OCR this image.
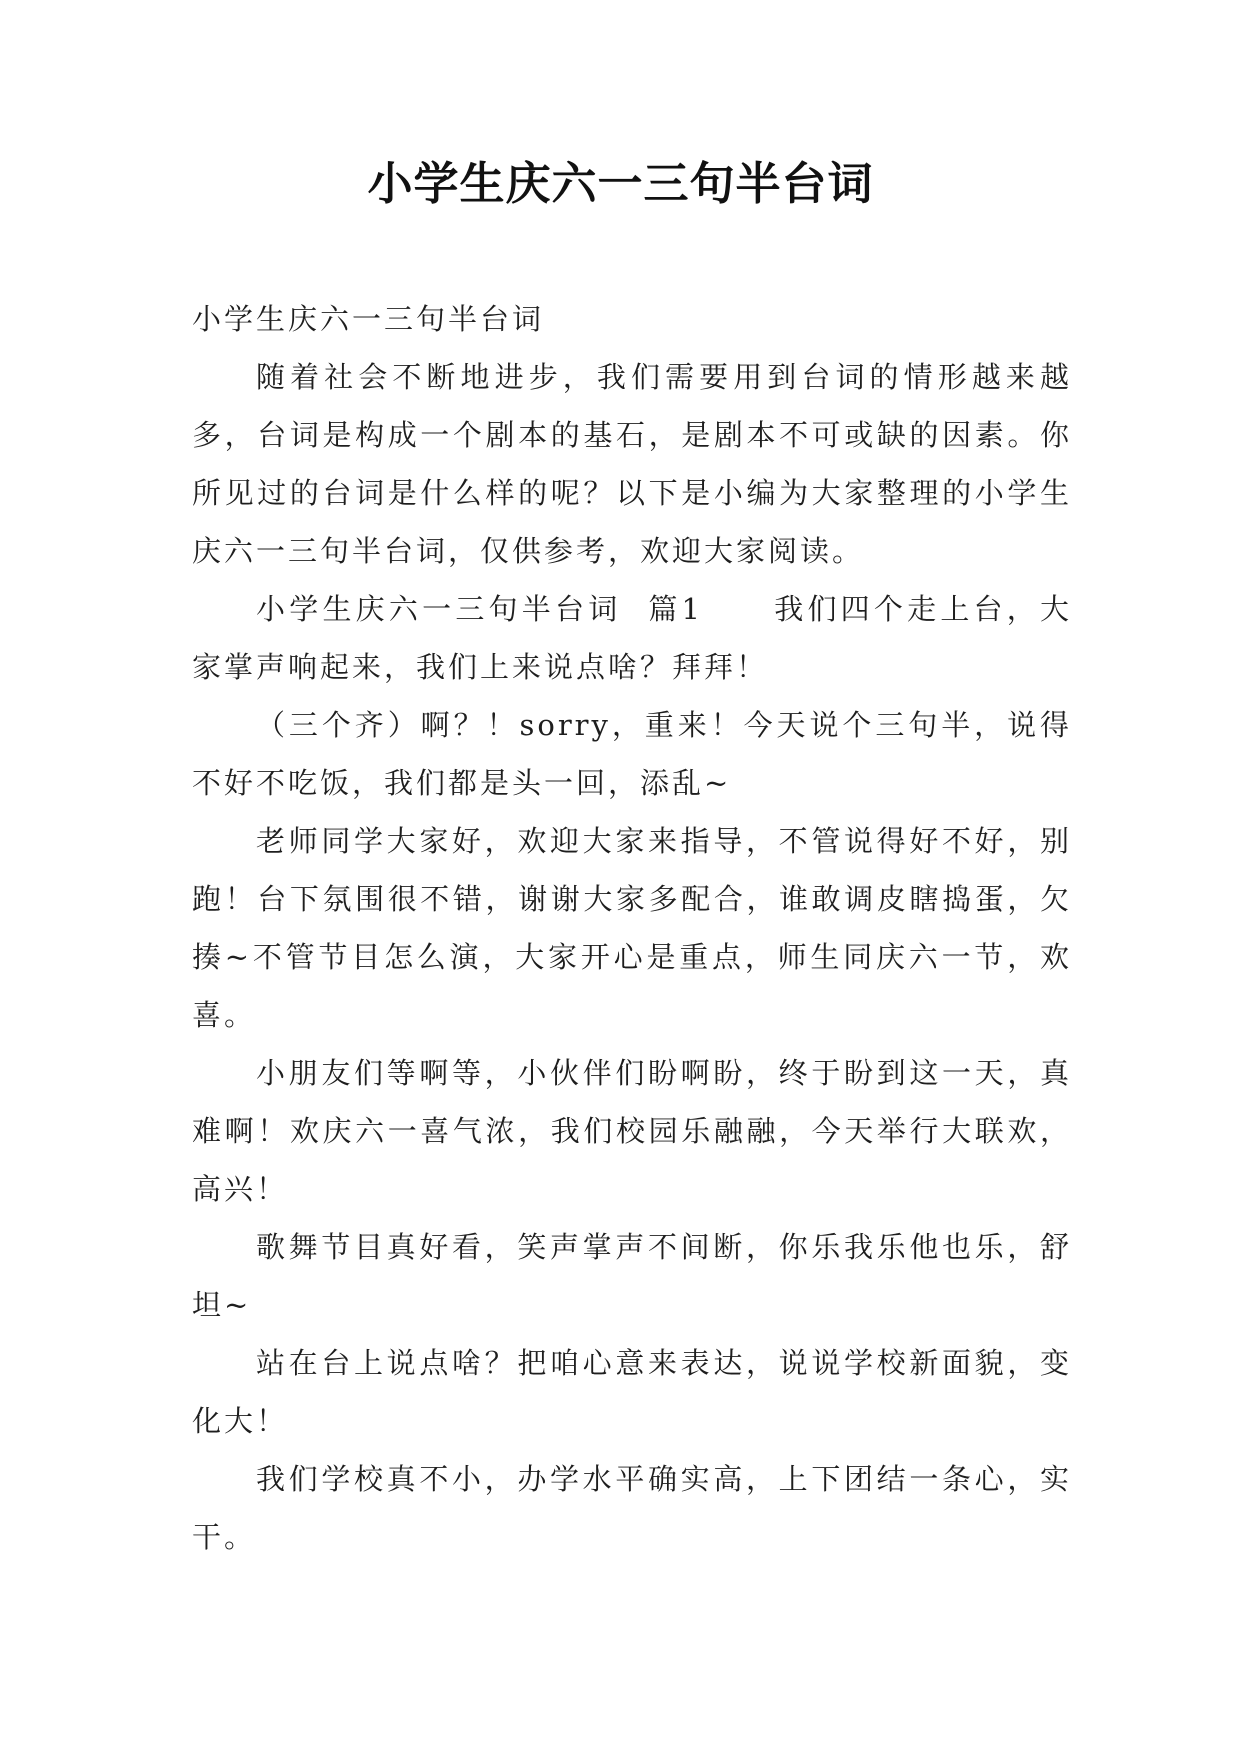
小学生庆六一三句半台词

小学生庆六一三句半台词

随着社会不断地进步，我们需要用到台词的情形越来越多，台词是构成一个剧本的基石，是剧本不可或缺的因素。你所见过的台词是什么样的呢？以下是小编为大家整理的小学生庆六一三句半台词，仅供参考，欢迎大家阅读。

小学生庆六一三句半台词  篇1 我们四个走上台，大家掌声响起来，我们上来说点啥？拜拜！

（三个齐）啊？！sorry，重来！今天说个三句半，说得不好不吃饭，我们都是头一回，添乱~

老师同学大家好，欢迎大家来指导，不管说得好不好，别跑！台下氛围很不错，谢谢大家多配合，谁敢调皮瞎捣蛋，欠揍~不管节目怎么演，大家开心是重点，师生同庆六一节，欢喜。

小朋友们等啊等，小伙伴们盼啊盼，终于盼到这一天，真难啊！欢庆六一喜气浓，我们校园乐融融，今天举行大联欢，高兴！

歌舞节目真好看，笑声掌声不间断，你乐我乐他也乐，舒坦~

站在台上说点啥？把咱心意来表达，说说学校新面貌，变化大！

我们学校真不小，办学水平确实高，上下团结一条心，实干。
